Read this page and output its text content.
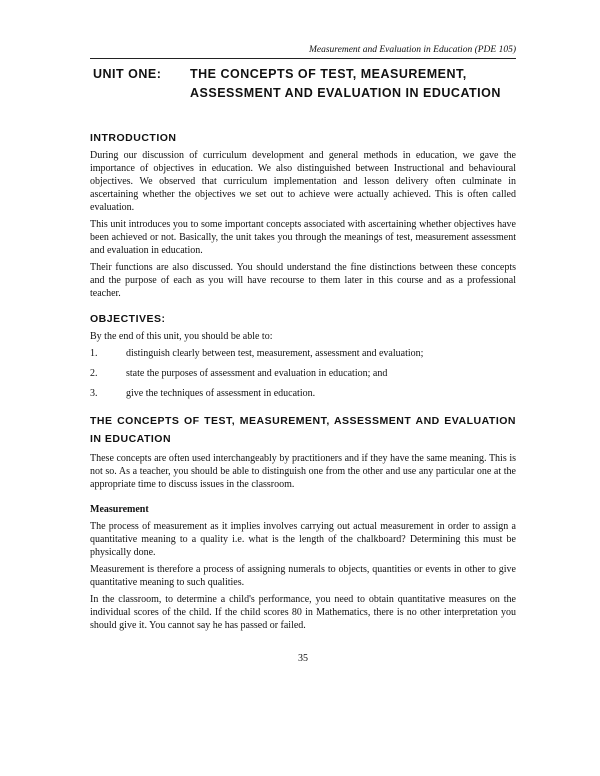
Measurement and Evaluation in Education (PDE 105)
UNIT ONE: THE CONCEPTS OF TEST, MEASUREMENT, ASSESSMENT AND EVALUATION IN EDUCATION
INTRODUCTION

During our discussion of curriculum development and general methods in education, we gave the importance of objectives in education. We also distinguished between Instructional and behavioural objectives. We observed that curriculum implementation and lesson delivery often culminate in ascertaining whether the objectives we set out to achieve were actually achieved. This is often called evaluation.

This unit introduces you to some important concepts associated with ascertaining whether objectives have been achieved or not. Basically, the unit takes you through the meanings of test, measurement assessment and evaluation in education.

Their functions are also discussed. You should understand the fine distinctions between these concepts and the purpose of each as you will have recourse to them later in this course and as a professional teacher.

OBJECTIVES:

By the end of this unit, you should be able to:

1.	distinguish clearly between test, measurement, assessment and evaluation;
2.	state the purposes of assessment and evaluation in education; and
3.	give the techniques of assessment in education.
THE CONCEPTS OF TEST, MEASUREMENT, ASSESSMENT AND EVALUATION IN EDUCATION

These concepts are often used interchangeably by practitioners and if they have the same meaning. This is not so. As a teacher, you should be able to distinguish one from the other and use any particular one at the appropriate time to discuss issues in the classroom.

Measurement

The process of measurement as it implies involves carrying out actual measurement in order to assign a quantitative meaning to a quality i.e. what is the length of the chalkboard? Determining this must be physically done.

Measurement is therefore a process of assigning numerals to objects, quantities or events in other to give quantitative meaning to such qualities.

In the classroom, to determine a child's performance, you need to obtain quantitative measures on the individual scores of the child. If the child scores 80 in Mathematics, there is no other interpretation you should give it. You cannot say he has passed or failed.

35
